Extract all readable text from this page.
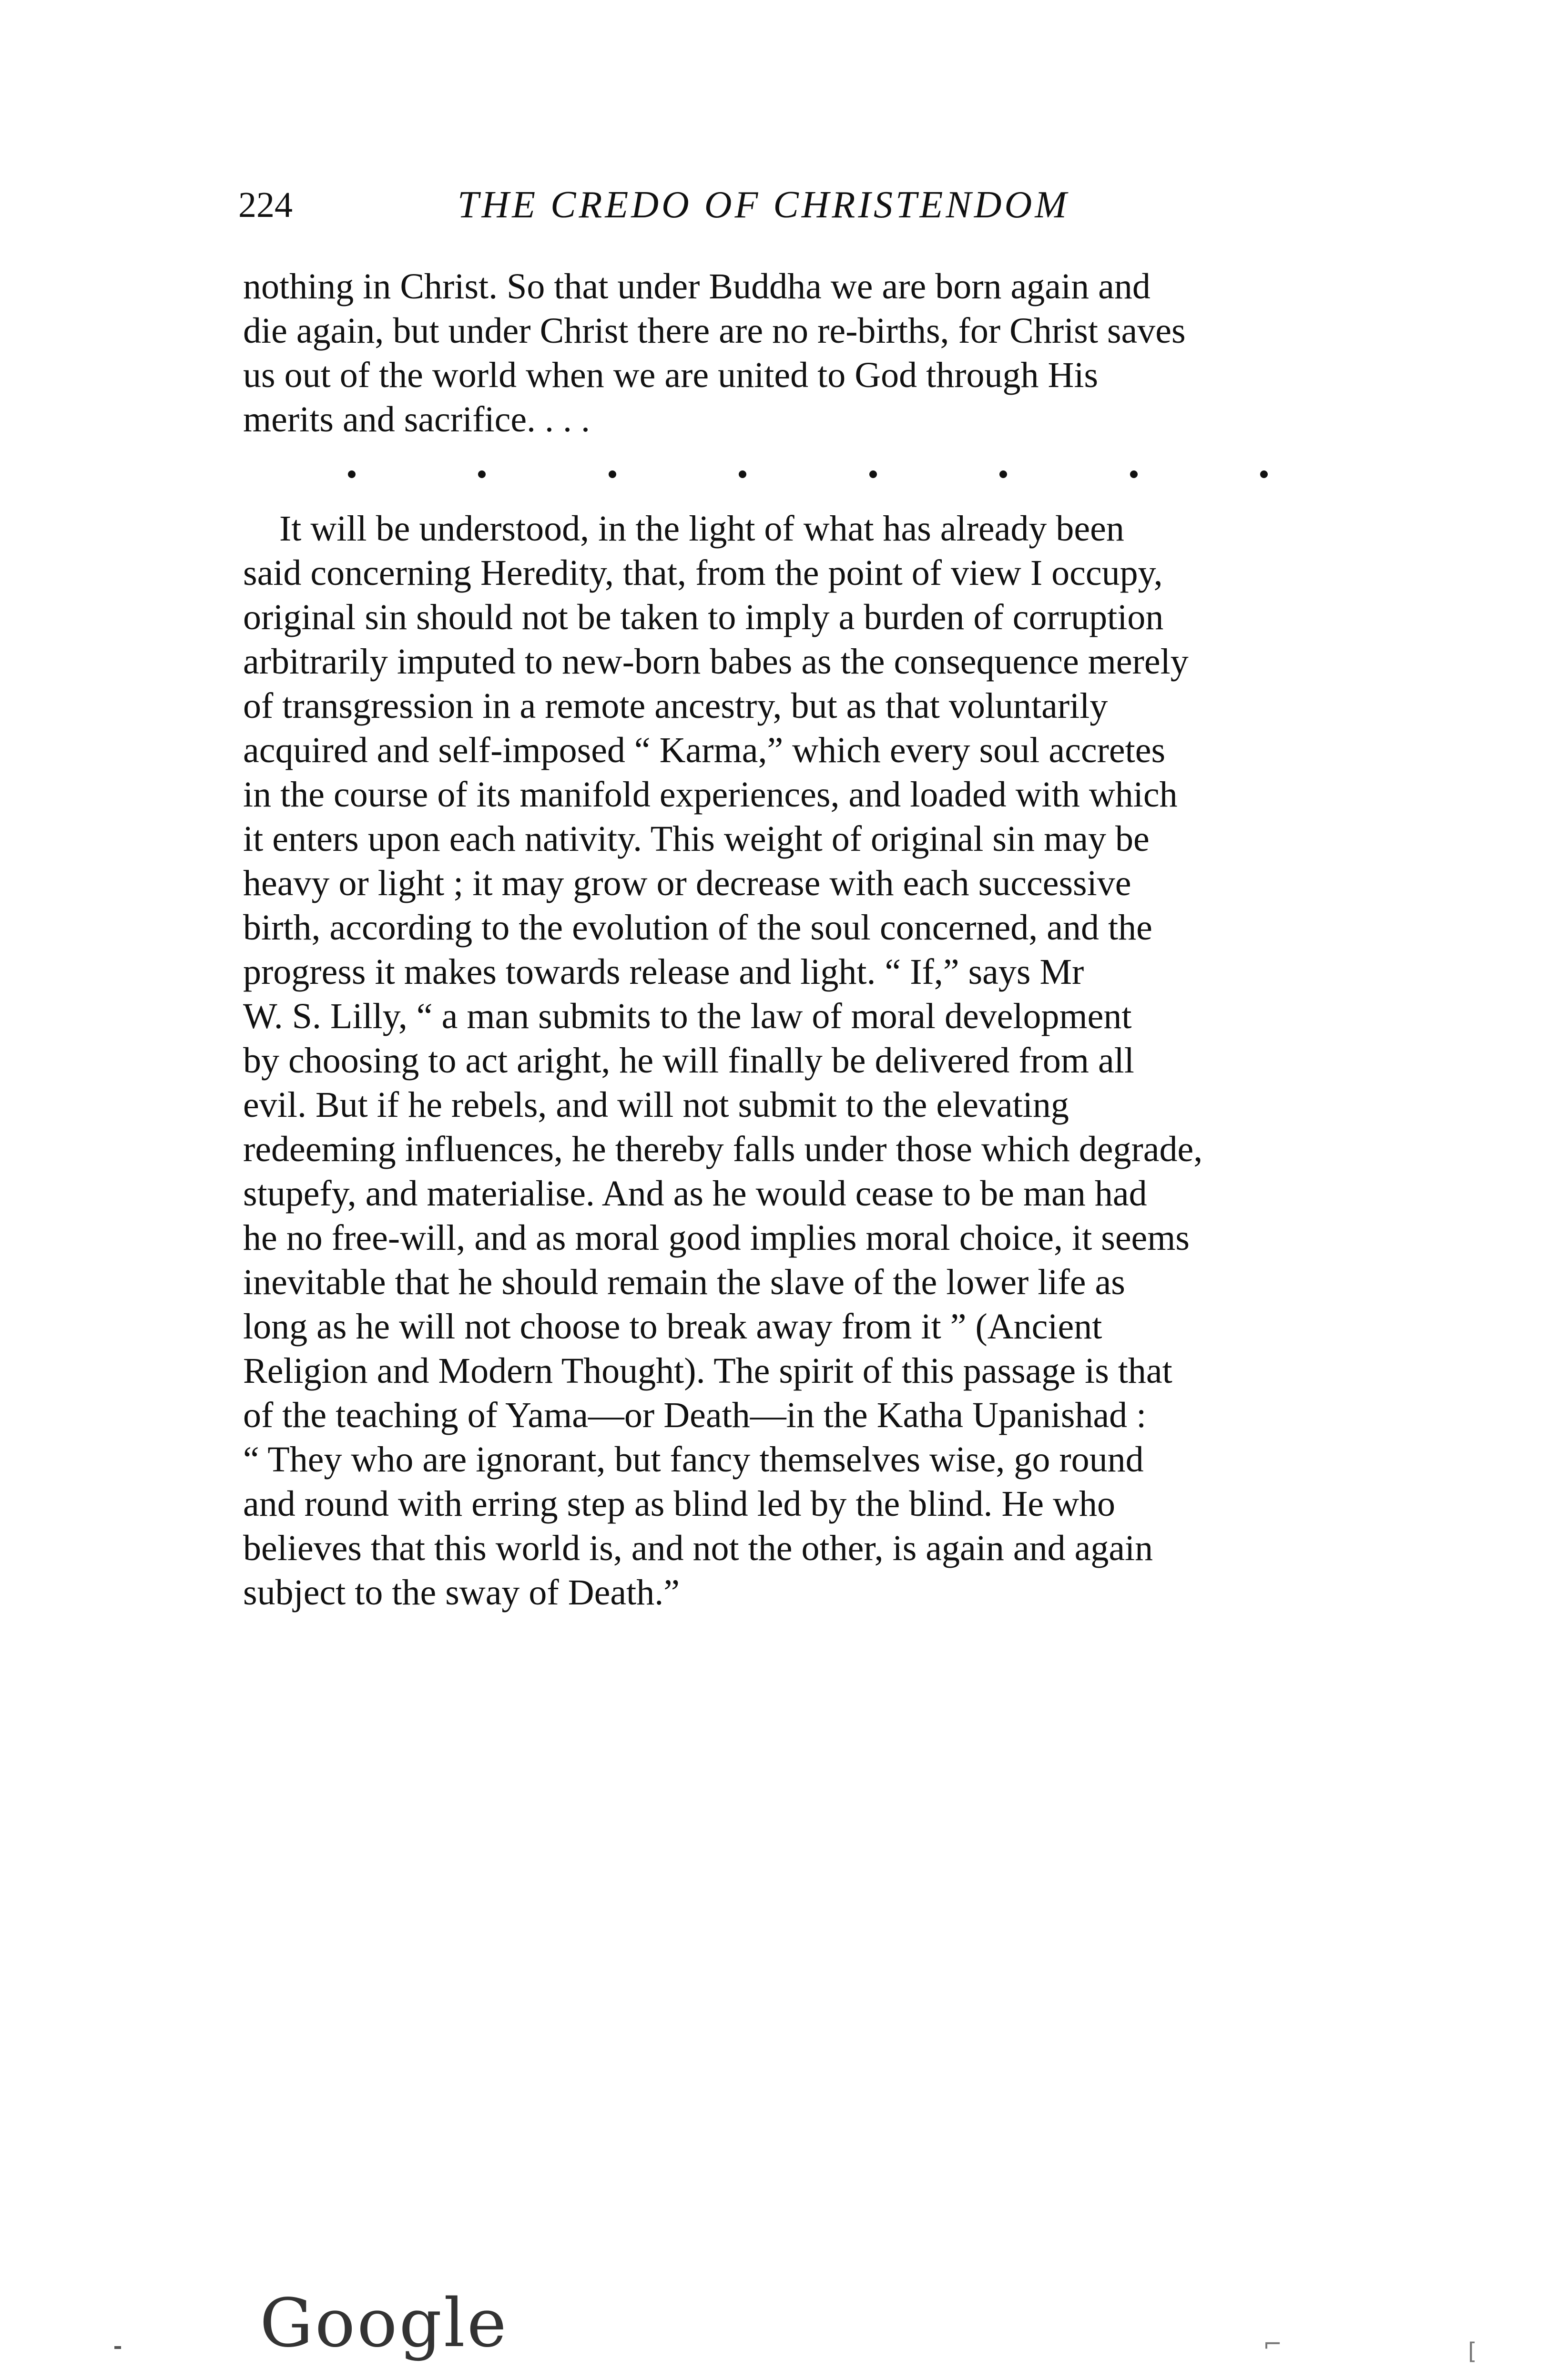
224	THE CREDO OF CHRISTENDOM

nothing in Christ. So that under Buddha we are born again and
die again, but under Christ there are no re-births, for Christ saves
us out of the world when we are united to God through His
merits and sacrifice. . . .

It will be understood, in the light of what has already been
said concerning Heredity, that, from the point of view I occupy,
original sin should not be taken to imply a burden of corruption
arbitrarily imputed to new-born babes as the consequence merely
of transgression in a remote ancestry, but as that voluntarily
acquired and self-imposed “ Karma,” which every soul accretes
in the course of its manifold experiences, and loaded with which
it enters upon each nativity. This weight of original sin may be
heavy or light ; it may grow or decrease with each successive
birth, according to the evolution of the soul concerned, and the
progress it makes towards release and light. “ If,” says Mr
W. S. Lilly, “ a man submits to the law of moral development
by choosing to act aright, he will finally be delivered from all
evil. But if he rebels, and will not submit to the elevating
redeeming influences, he thereby falls under those which degrade,
stupefy, and materialise. And as he would cease to be man had
he no free-will, and as moral good implies moral choice, it seems
inevitable that he should remain the slave of the lower life as
long as he will not choose to break away from it ” (Ancient
Religion and Modern Thought). The spirit of this passage is that
of the teaching of Yama—or Death—in the Katha Upanishad :
“ They who are ignorant, but fancy themselves wise, go round
and round with erring step as blind led by the blind. He who
believes that this world is, and not the other, is again and again
subject to the sway of Death.”

Google	⌐	[
